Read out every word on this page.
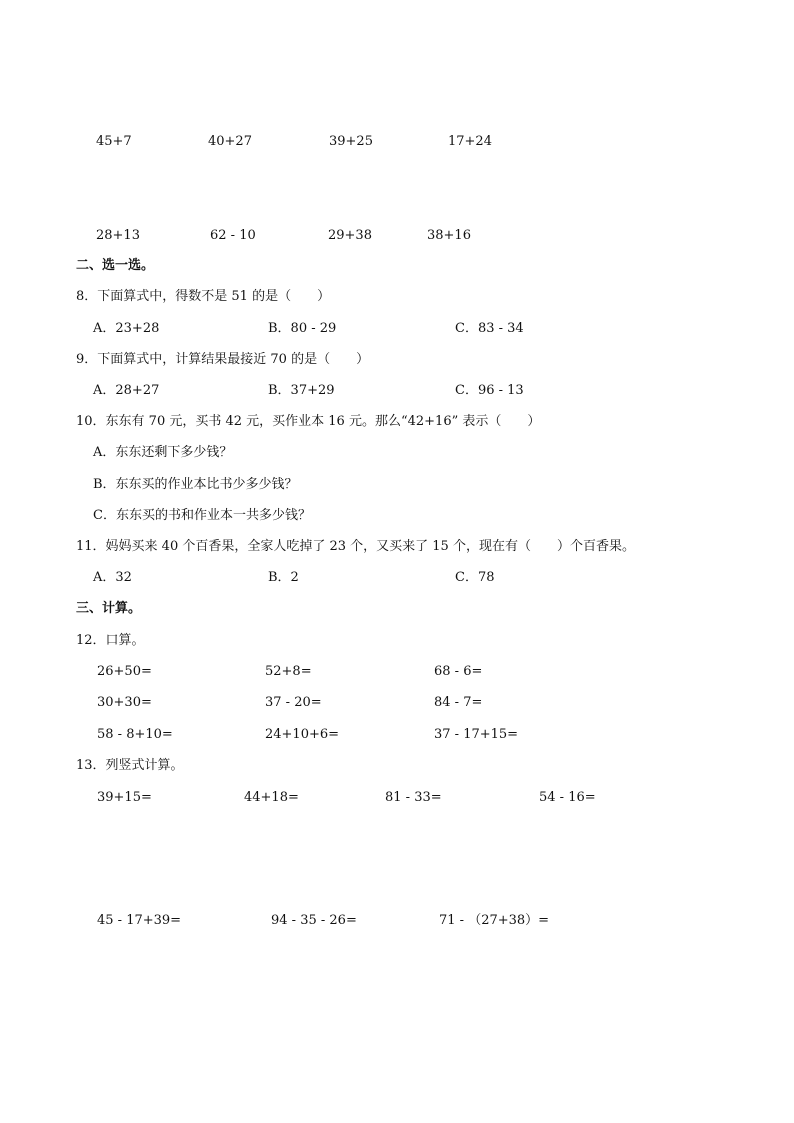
45+7	40+27	39+25	17+24
28+13	62 - 10	29+38	38+16
二、选一选。
8．下面算式中，得数不是 51 的是（　　）
A．23+28	B．80 - 29	C．83 - 34
9．下面算式中，计算结果最接近 70 的是（　　）
A．28+27	B．37+29	C．96 - 13
10．东东有 70 元，买书 42 元，买作业本 16 元。那么“42+16” 表示（　　）
A．东东还剩下多少钱？
B．东东买的作业本比书少多少钱？
C．东东买的书和作业本一共多少钱？
11．妈妈买来 40 个百香果，全家人吃掉了 23 个，又买来了 15 个，现在有（　　）个百香果。
A．32	B．2	C．78
三、计算。
12．口算。
26+50=	52+8=	68 - 6=
30+30=	37 - 20=	84 - 7=
58 - 8+10=	24+10+6=	37 - 17+15=
13．列竖式计算。
39+15=	44+18=	81 - 33=	54 - 16=
45 - 17+39=	94 - 35 - 26=	71 - （27+38）=
